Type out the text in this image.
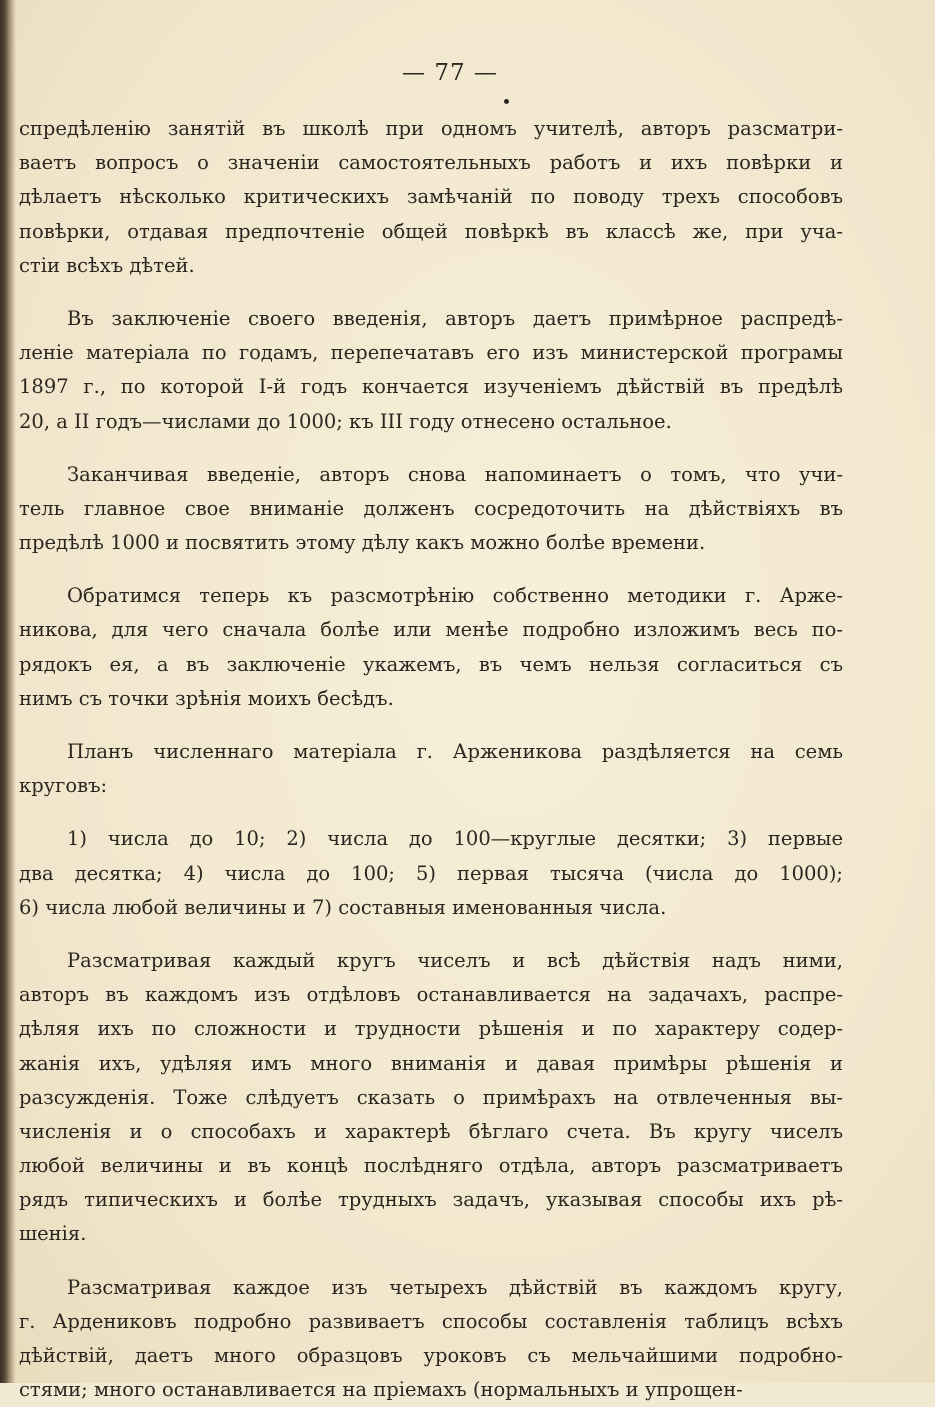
— 77 —
спредѣленію занятій въ школѣ при одномъ учителѣ, авторъ разсматри-
ваетъ вопросъ о значеніи самостоятельныхъ работъ и ихъ повѣрки и
дѣлаетъ нѣсколько критическихъ замѣчаній по поводу трехъ способовъ
повѣрки, отдавая предпочтеніе общей повѣркѣ въ классѣ же, при уча-
стіи всѣхъ дѣтей.
Въ заключеніе своего введенія, авторъ даетъ примѣрное распредѣ-
леніе матеріала по годамъ, перепечатавъ его изъ министерской програмы
1897 г., по которой І-й годъ кончается изученіемъ дѣйствій въ предѣлѣ
20, а II годъ—числами до 1000; къ III году отнесено остальное.
Заканчивая введеніе, авторъ снова напоминаетъ о томъ, что учи-
тель главное свое вниманіе долженъ сосредоточить на дѣйствіяхъ въ
предѣлѣ 1000 и посвятить этому дѣлу какъ можно болѣе времени.
Обратимся теперь къ разсмотрѣнію собственно методики г. Арже-
никова, для чего сначала болѣе или менѣе подробно изложимъ весь по-
рядокъ ея, а въ заключеніе укажемъ, въ чемъ нельзя согласиться съ
нимъ съ точки зрѣнія моихъ бесѣдъ.
Планъ численнаго матеріала г. Арженикова раздѣляется на семь
круговъ:
1) числа до 10; 2) числа до 100—круглые десятки; 3) первые
два десятка; 4) числа до 100; 5) первая тысяча (числа до 1000);
6) числа любой величины и 7) составныя именованныя числа.
Разсматривая каждый кругъ чиселъ и всѣ дѣйствія надъ ними,
авторъ въ каждомъ изъ отдѣловъ останавливается на задачахъ, распре-
дѣляя ихъ по сложности и трудности рѣшенія и по характеру содер-
жанія ихъ, удѣляя имъ много вниманія и давая примѣры рѣшенія и
разсужденія. Тоже слѣдуетъ сказать о примѣрахъ на отвлеченныя вы-
численія и о способахъ и характерѣ бѣглаго счета. Въ кругу чиселъ
любой величины и въ концѣ послѣдняго отдѣла, авторъ разсматриваетъ
рядъ типическихъ и болѣе трудныхъ задачъ, указывая способы ихъ рѣ-
шенія.
Разсматривая каждое изъ четырехъ дѣйствій въ каждомъ кругу,
г. Ардениковъ подробно развиваетъ способы составленія таблицъ всѣхъ
дѣйствій, даетъ много образцовъ уроковъ съ мельчайшими подробно-
стями; много останавливается на пріемахъ (нормальныхъ и упрощен-
